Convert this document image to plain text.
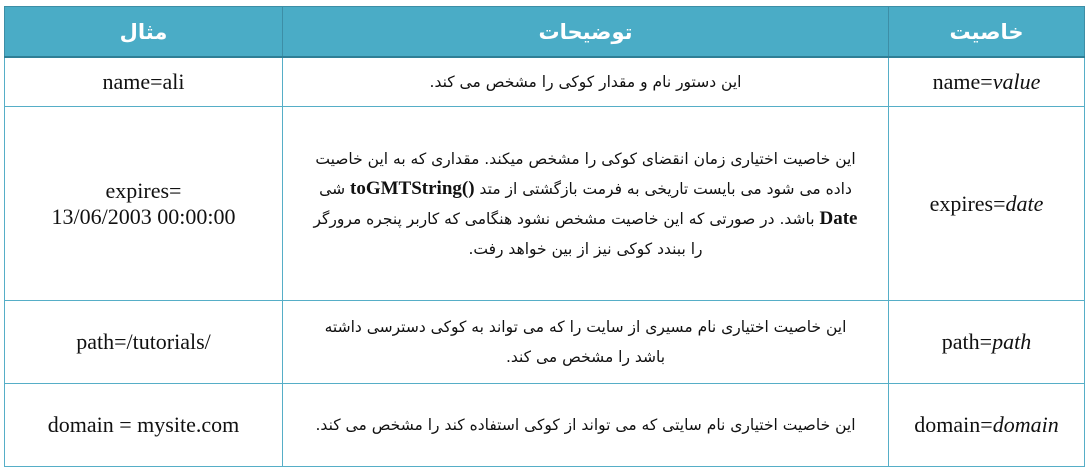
خاصیت	توضیحات	مثال
name=value	این دستور نام و مقدار کوکی را مشخص می کند.	name=ali
expires=date	این خاصیت اختیاری زمان انقضای کوکی را مشخص میکند. مقداری که به این خاصیت داده می شود می بایست تاریخی به فرمت بازگشتی از متد toGMTString() شی Date باشد. در صورتی که این خاصیت مشخص نشود هنگامی که کاربر پنجره مرورگر را ببندد کوکی نیز از بین خواهد رفت.	expires=
13/06/2003 00:00:00

path=path	این خاصیت اختیاری نام مسیری از سایت را که می تواند به کوکی دسترسی داشته باشد را مشخص می کند.	path=/tutorials/
domain=domain	این خاصیت اختیاری نام سایتی که می تواند از کوکی استفاده کند را مشخص می کند.	domain = mysite.com
